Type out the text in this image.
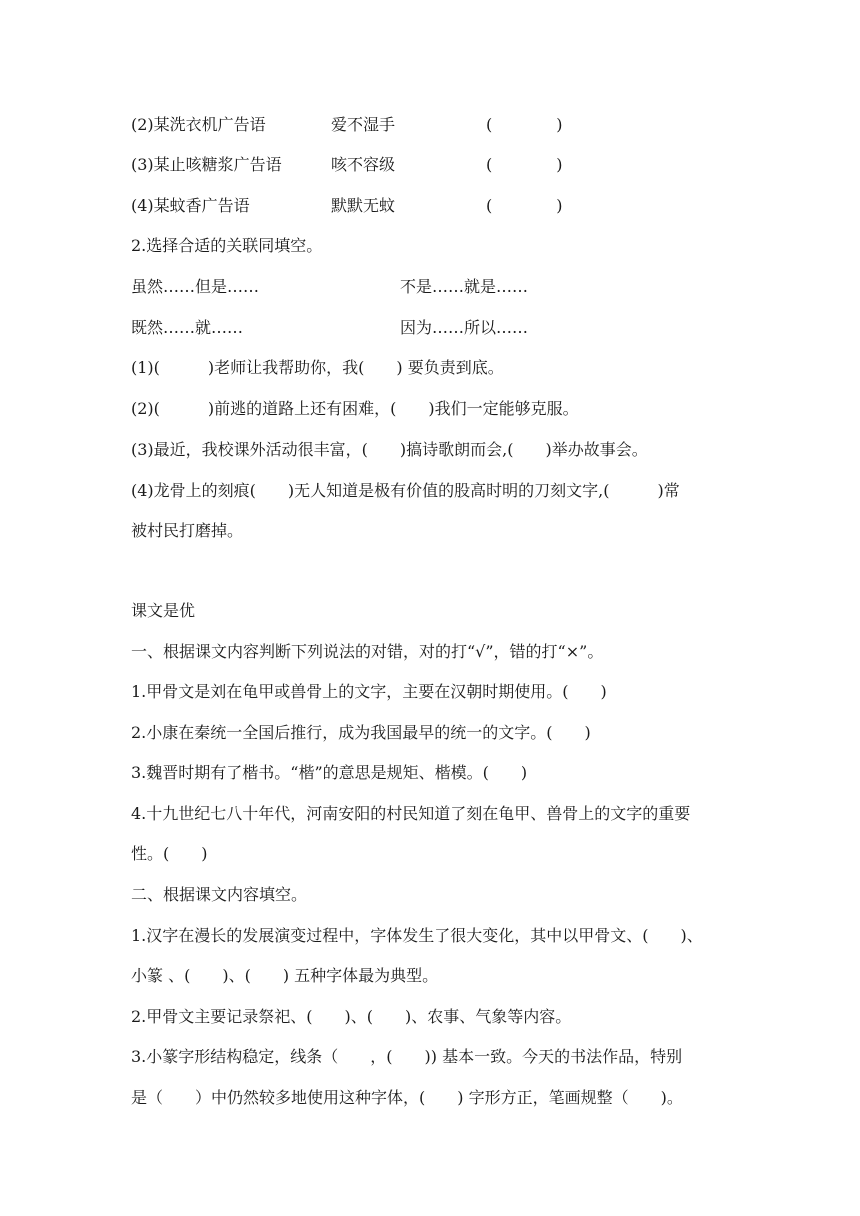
(2)某洗衣机广告语	爱不湿手	(　　　　)
(3)某止咳糖浆广告语	咳不容级	(　　　　)
(4)某蚊香广告语	默默无蚊	(　　　　)
2.选择合适的关联同填空。
虽然……但是……	不是……就是……
既然……就……	因为……所以……
(1)(　　　)老师让我帮助你，我(　　) 要负责到底。
(2)(　　　)前逃的道路上还有困难，(　　)我们一定能够克服。
(3)最近，我校课外活动很丰富，(　　)搞诗歌朗而会,(　　)举办故事会。
(4)龙骨上的刻痕(　　)无人知道是极有价值的股高时明的刀刻文字,(　　　)常
被村民打磨掉。
课文是优
一、根据课文内容判断下列说法的对错，对的打“√”，错的打“×”。
1.甲骨文是刘在龟甲或兽骨上的文字，主要在汉朝时期使用。(　　)
2.小康在秦统一全国后推行，成为我国最早的统一的文字。(　　)
3.魏晋时期有了楷书。“楷”的意思是规矩、楷模。(　　)
4.十九世纪七八十年代，河南安阳的村民知道了刻在龟甲、兽骨上的文字的重要
性。(　　)
二、根据课文内容填空。
1.汉字在漫长的发展演变过程中，字体发生了很大变化，其中以甲骨文、(　　)、
小篆 、(　　)、(　　) 五种字体最为典型。
2.甲骨文主要记录祭祀、(　　)、(　　)、农事、气象等内容。
3.小篆字形结构稳定，线条（　　，(　　)) 基本一致。今天的书法作品，特别
是（　　）中仍然较多地使用这种字体，(　　) 字形方正，笔画规整（　　)。
